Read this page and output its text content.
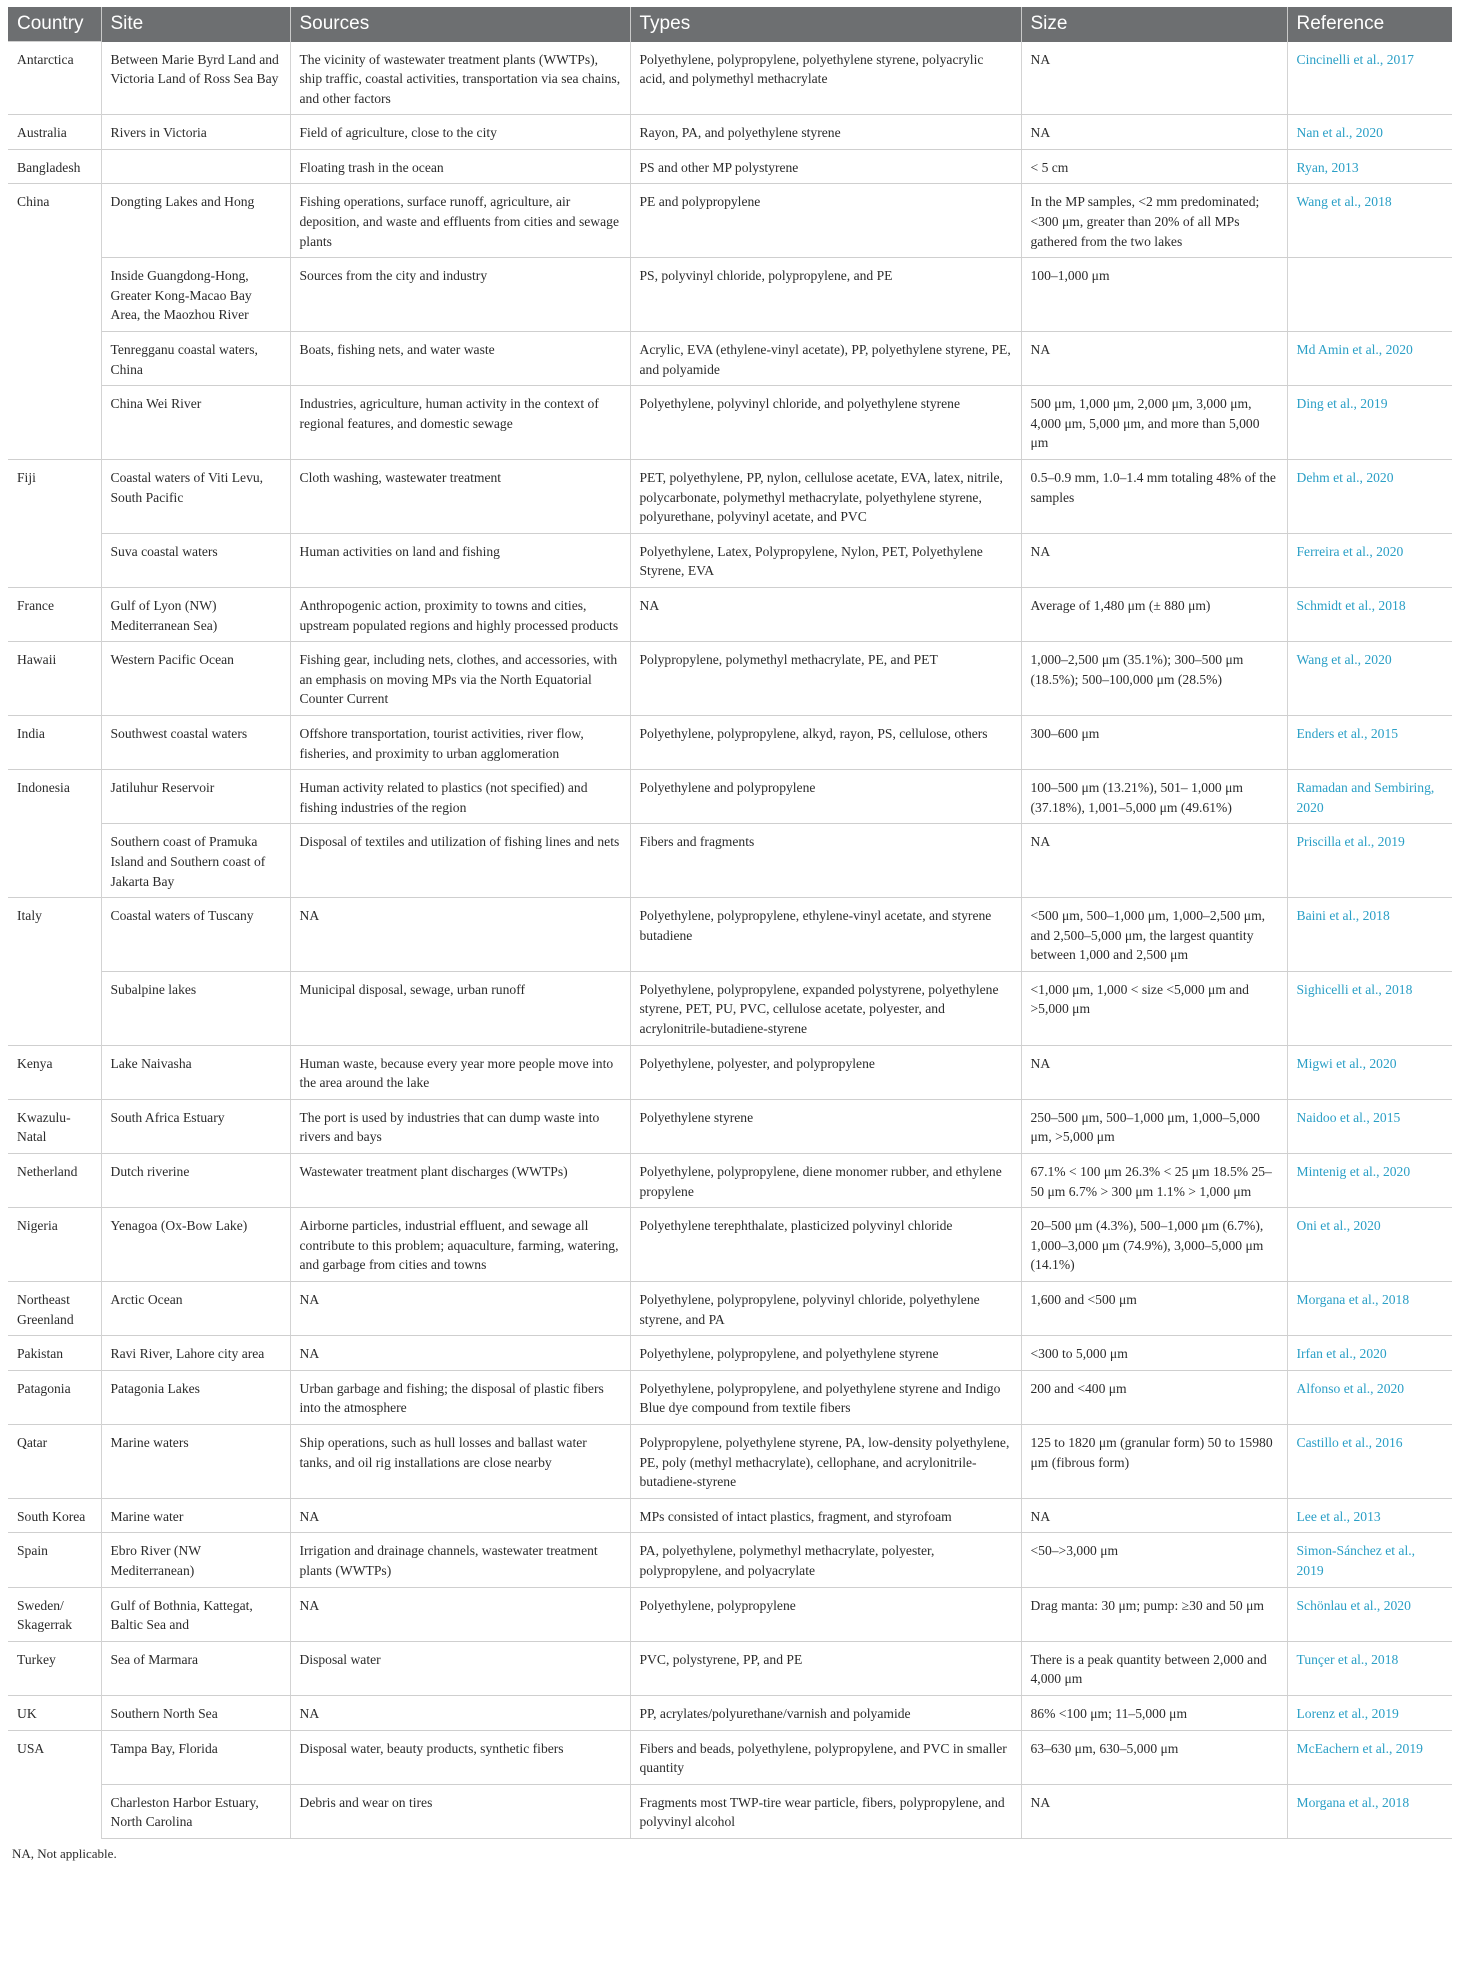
Country	Site	Sources	Types	Size	Reference
Antarctica	Between Marie Byrd Land and Victoria Land of Ross Sea Bay	The vicinity of wastewater treatment plants (WWTPs), ship traffic, coastal activities, transportation via sea chains, and other factors	Polyethylene, polypropylene, polyethylene styrene, polyacrylic acid, and polymethyl methacrylate	NA	Cincinelli et al., 2017
Australia	Rivers in Victoria	Field of agriculture, close to the city	Rayon, PA, and polyethylene styrene	NA	Nan et al., 2020
Bangladesh		Floating trash in the ocean	PS and other MP polystyrene	< 5 cm	Ryan, 2013
China	Dongting Lakes and Hong	Fishing operations, surface runoff, agriculture, air deposition, and waste and effluents from cities and sewage plants	PE and polypropylene	In the MP samples, <2 mm predominated; <300 μm, greater than 20% of all MPs gathered from the two lakes	Wang et al., 2018
	Inside Guangdong-Hong, Greater Kong-Macao Bay Area, the Maozhou River	Sources from the city and industry	PS, polyvinyl chloride, polypropylene, and PE	100–1,000 μm	
	Tenregganu coastal waters, China	Boats, fishing nets, and water waste	Acrylic, EVA (ethylene-vinyl acetate), PP, polyethylene styrene, PE, and polyamide	NA	Md Amin et al., 2020
	China Wei River	Industries, agriculture, human activity in the context of regional features, and domestic sewage	Polyethylene, polyvinyl chloride, and polyethylene styrene	500 μm, 1,000 μm, 2,000 μm, 3,000 μm, 4,000 μm, 5,000 μm, and more than 5,000 μm	Ding et al., 2019
Fiji	Coastal waters of Viti Levu, South Pacific	Cloth washing, wastewater treatment	PET, polyethylene, PP, nylon, cellulose acetate, EVA, latex, nitrile, polycarbonate, polymethyl methacrylate, polyethylene styrene, polyurethane, polyvinyl acetate, and PVC	0.5–0.9 mm, 1.0–1.4 mm totaling 48% of the samples	Dehm et al., 2020
	Suva coastal waters	Human activities on land and fishing	Polyethylene, Latex, Polypropylene, Nylon, PET, Polyethylene Styrene, EVA	NA	Ferreira et al., 2020
France	Gulf of Lyon (NW) Mediterranean Sea)	Anthropogenic action, proximity to towns and cities, upstream populated regions and highly processed products	NA	Average of 1,480 μm (± 880 μm)	Schmidt et al., 2018
Hawaii	Western Pacific Ocean	Fishing gear, including nets, clothes, and accessories, with an emphasis on moving MPs via the North Equatorial Counter Current	Polypropylene, polymethyl methacrylate, PE, and PET	1,000–2,500 μm (35.1%); 300–500 μm (18.5%); 500–100,000 μm (28.5%)	Wang et al., 2020
India	Southwest coastal waters	Offshore transportation, tourist activities, river flow, fisheries, and proximity to urban agglomeration	Polyethylene, polypropylene, alkyd, rayon, PS, cellulose, others	300–600 μm	Enders et al., 2015
Indonesia	Jatiluhur Reservoir	Human activity related to plastics (not specified) and fishing industries of the region	Polyethylene and polypropylene	100–500 μm (13.21%), 501– 1,000 μm (37.18%), 1,001–5,000 μm (49.61%)	Ramadan and Sembiring, 2020
	Southern coast of Pramuka Island and Southern coast of Jakarta Bay	Disposal of textiles and utilization of fishing lines and nets	Fibers and fragments	NA	Priscilla et al., 2019
Italy	Coastal waters of Tuscany	NA	Polyethylene, polypropylene, ethylene-vinyl acetate, and styrene butadiene	<500 μm, 500–1,000 μm, 1,000–2,500 μm, and 2,500–5,000 μm, the largest quantity between 1,000 and 2,500 μm	Baini et al., 2018
	Subalpine lakes	Municipal disposal, sewage, urban runoff	Polyethylene, polypropylene, expanded polystyrene, polyethylene styrene, PET, PU, PVC, cellulose acetate, polyester, and acrylonitrile-butadiene-styrene	<1,000 μm, 1,000 < size <5,000 μm and >5,000 μm	Sighicelli et al., 2018
Kenya	Lake Naivasha	Human waste, because every year more people move into the area around the lake	Polyethylene, polyester, and polypropylene	NA	Migwi et al., 2020
Kwazulu-Natal	South Africa Estuary	The port is used by industries that can dump waste into rivers and bays	Polyethylene styrene	250–500 μm, 500–1,000 μm, 1,000–5,000 μm, >5,000 μm	Naidoo et al., 2015
Netherland	Dutch riverine	Wastewater treatment plant discharges (WWTPs)	Polyethylene, polypropylene, diene monomer rubber, and ethylene propylene	67.1% < 100 μm 26.3% < 25 μm 18.5% 25–50 μm 6.7% > 300 μm 1.1% > 1,000 μm	Mintenig et al., 2020
Nigeria	Yenagoa (Ox-Bow Lake)	Airborne particles, industrial effluent, and sewage all contribute to this problem; aquaculture, farming, watering, and garbage from cities and towns	Polyethylene terephthalate, plasticized polyvinyl chloride	20–500 μm (4.3%), 500–1,000 μm (6.7%), 1,000–3,000 μm (74.9%), 3,000–5,000 μm (14.1%)	Oni et al., 2020
Northeast Greenland	Arctic Ocean	NA	Polyethylene, polypropylene, polyvinyl chloride, polyethylene styrene, and PA	1,600 and <500 μm	Morgana et al., 2018
Pakistan	Ravi River, Lahore city area	NA	Polyethylene, polypropylene, and polyethylene styrene	<300 to 5,000 μm	Irfan et al., 2020
Patagonia	Patagonia Lakes	Urban garbage and fishing; the disposal of plastic fibers into the atmosphere	Polyethylene, polypropylene, and polyethylene styrene and Indigo Blue dye compound from textile fibers	200 and <400 μm	Alfonso et al., 2020
Qatar	Marine waters	Ship operations, such as hull losses and ballast water tanks, and oil rig installations are close nearby	Polypropylene, polyethylene styrene, PA, low-density polyethylene, PE, poly (methyl methacrylate), cellophane, and acrylonitrile-butadiene-styrene	125 to 1820 μm (granular form) 50 to 15980 μm (fibrous form)	Castillo et al., 2016
South Korea	Marine water	NA	MPs consisted of intact plastics, fragment, and styrofoam	NA	Lee et al., 2013
Spain	Ebro River (NW Mediterranean)	Irrigation and drainage channels, wastewater treatment plants (WWTPs)	PA, polyethylene, polymethyl methacrylate, polyester, polypropylene, and polyacrylate	<50–>3,000 μm	Simon-Sánchez et al., 2019
Sweden/ Skagerrak	Gulf of Bothnia, Kattegat, Baltic Sea and	NA	Polyethylene, polypropylene	Drag manta: 30 μm; pump: ≥30 and 50 μm	Schönlau et al., 2020
Turkey	Sea of Marmara	Disposal water	PVC, polystyrene, PP, and PE	There is a peak quantity between 2,000 and 4,000 μm	Tunçer et al., 2018
UK	Southern North Sea	NA	PP, acrylates/polyurethane/varnish and polyamide	86% <100 μm; 11–5,000 μm	Lorenz et al., 2019
USA	Tampa Bay, Florida	Disposal water, beauty products, synthetic fibers	Fibers and beads, polyethylene, polypropylene, and PVC in smaller quantity	63–630 μm, 630–5,000 μm	McEachern et al., 2019
	Charleston Harbor Estuary, North Carolina	Debris and wear on tires	Fragments most TWP-tire wear particle, fibers, polypropylene, and polyvinyl alcohol	NA	Morgana et al., 2018
NA, Not applicable.
